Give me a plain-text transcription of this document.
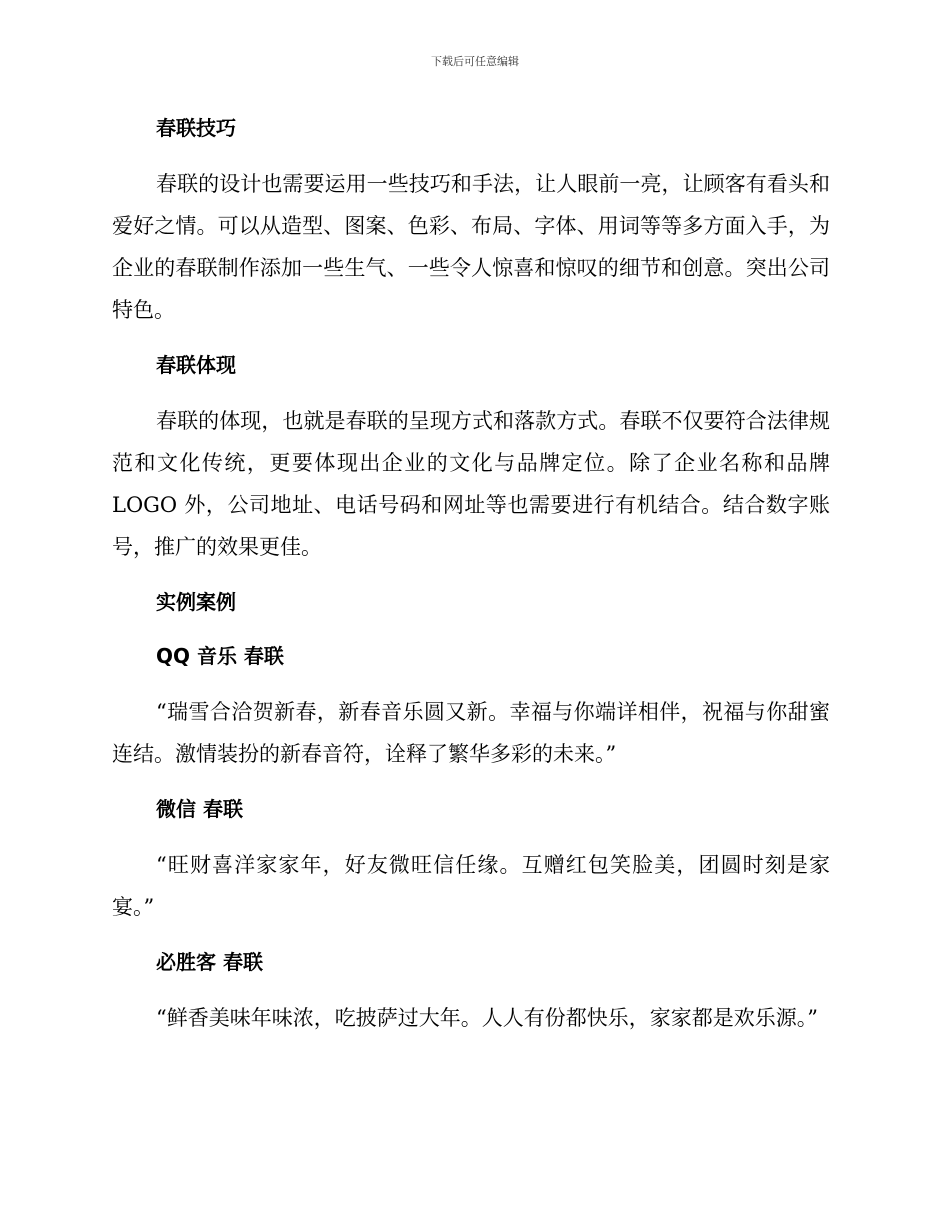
下载后可任意编辑
春联技巧

春联的设计也需要运用一些技巧和手法，让人眼前一亮，让顾客有看头和爱好之情。可以从造型、图案、色彩、布局、字体、用词等等多方面入手，为企业的春联制作添加一些生气、一些令人惊喜和惊叹的细节和创意。突出公司特色。

春联体现

春联的体现，也就是春联的呈现方式和落款方式。春联不仅要符合法律规范和文化传统，更要体现出企业的文化与品牌定位。除了企业名称和品牌 LOGO 外，公司地址、电话号码和网址等也需要进行有机结合。结合数字账号，推广的效果更佳。

实例案例
QQ 音乐 春联

“瑞雪合洽贺新春，新春音乐圆又新。幸福与你端详相伴，祝福与你甜蜜连结。激情装扮的新春音符，诠释了繁华多彩的未来。”

微信 春联

“旺财喜洋家家年，好友微旺信任缘。互赠红包笑脸美，团圆时刻是家宴。”

必胜客 春联

“鲜香美味年味浓，吃披萨过大年。人人有份都快乐，家家都是欢乐源。”
